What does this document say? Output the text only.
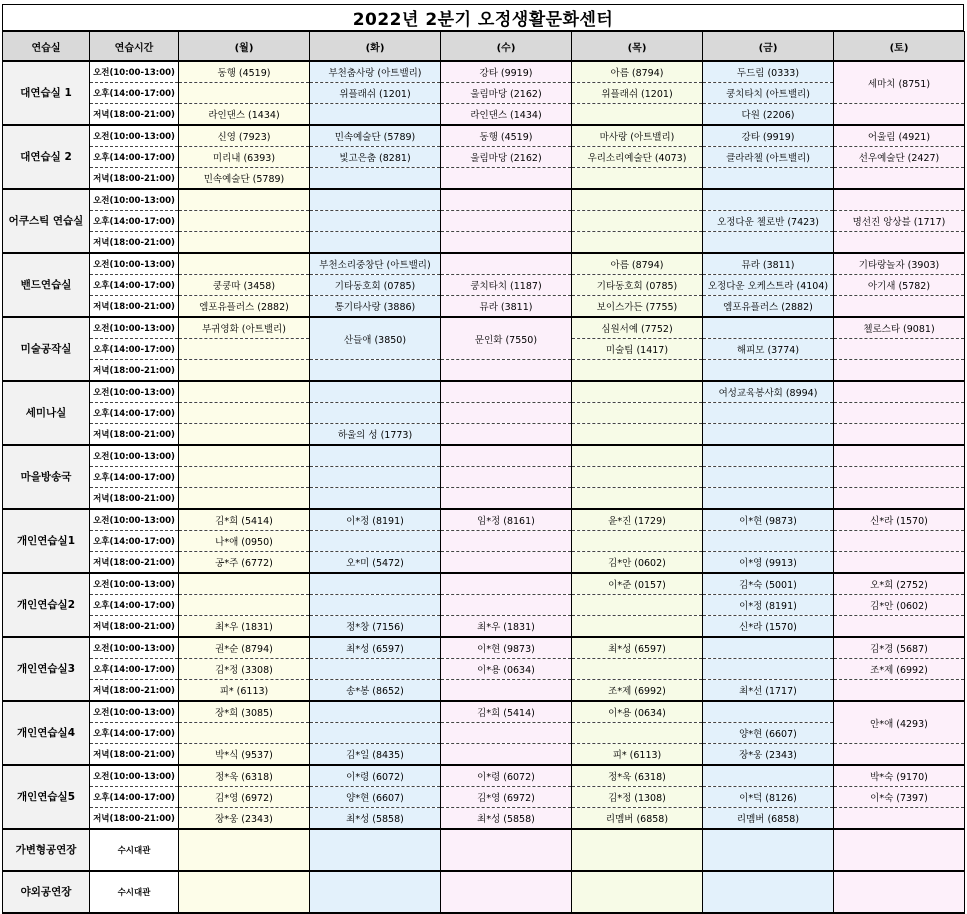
2022년 2분기 오정생활문화센터
연습실	연습시간	(월)	(화)	(수)	(목)	(금)	(토)
대연습실 1	오전(10:00-13:00)	동행 (4519)	부천춤사랑 (아트밸리)	강타 (9919)	아름 (8794)	두드림 (0333)	세마치 (8751)
	오후(14:00-17:00)		위플래쉬 (1201)	울림마당 (2162)	위플래쉬 (1201)	쿵치타치 (아트밸리)	
	저녁(18:00-21:00)	라인댄스 (1434)		라인댄스 (1434)		다원 (2206)	
대연습실 2	오전(10:00-13:00)	신영 (7923)	민속예술단 (5789)	동행 (4519)	마사랑 (아트밸리)	강타 (9919)	어울림 (4921)
	오후(14:00-17:00)	미리내 (6393)	빛고은춤 (8281)	울림마당 (2162)	우리소리예술단 (4073)	클라라첼 (아트밸리)	선우예술단 (2427)
	저녁(18:00-21:00)	민속예술단 (5789)					
어쿠스틱 연습실	오전(10:00-13:00)						
	오후(14:00-17:00)					오정다운 첼로반 (7423)	명선진 앙상블 (1717)
	저녁(18:00-21:00)						
밴드연습실	오전(10:00-13:00)		부천소리중창단 (아트밸리)		아름 (8794)	뮤라 (3811)	기타랑놀자 (3903)
	오후(14:00-17:00)	쿵쿵따 (3458)	기타동호회 (0785)	쿵치타치 (1187)	기타동호회 (0785)	오정다운 오케스트라 (4104)	아기새 (5782)
	저녁(18:00-21:00)	엠포유플러스 (2882)	통기타사랑 (3886)	뮤라 (3811)	보이스가든 (7755)	엠포유플러스 (2882)	
미술공작실	오전(10:00-13:00)	부귀영화 (아트밸리)	산들애 (3850)	문인화 (7550)	심원서예 (7752)		첼로스타 (9081)
	오후(14:00-17:00)				미술팀 (1417)	해피모 (3774)	
	저녁(18:00-21:00)						
세미나실	오전(10:00-13:00)					여성교육봉사회 (8994)	
	오후(14:00-17:00)						
	저녁(18:00-21:00)		하울의 성 (1773)				
마을방송국	오전(10:00-13:00)						
	오후(14:00-17:00)						
	저녁(18:00-21:00)						
개인연습실1	오전(10:00-13:00)	김*희 (5414)	이*정 (8191)	임*정 (8161)	윤*진 (1729)	이*현 (9873)	신*라 (1570)
	오후(14:00-17:00)	나*애 (0950)					
	저녁(18:00-21:00)	공*주 (6772)	오*미 (5472)		김*안 (0602)	이*영 (9913)	
개인연습실2	오전(10:00-13:00)				이*준 (0157)	김*숙 (5001)	오*희 (2752)
	오후(14:00-17:00)					이*정 (8191)	김*안 (0602)
	저녁(18:00-21:00)	최*우 (1831)	정*창 (7156)	최*우 (1831)		신*라 (1570)	
개인연습실3	오전(10:00-13:00)	권*순 (8794)	최*성 (6597)	이*현 (9873)	최*성 (6597)		김*경 (5687)
	오후(14:00-17:00)	김*정 (3308)		이*용 (0634)			조*제 (6992)
	저녁(18:00-21:00)	피* (6113)	송*봉 (8652)		조*제 (6992)	최*선 (1717)	
개인연습실4	오전(10:00-13:00)	장*희 (3085)		김*희 (5414)	이*용 (0634)		안*애 (4293)
	오후(14:00-17:00)					양*현 (6607)	
	저녁(18:00-21:00)	박*식 (9537)	김*일 (8435)		피* (6113)	장*웅 (2343)	
개인연습실5	오전(10:00-13:00)	정*욱 (6318)	이*령 (6072)	이*령 (6072)	정*욱 (6318)		박*숙 (9170)
	오후(14:00-17:00)	김*영 (6972)	양*현 (6607)	김*영 (6972)	김*정 (1308)	이*덕 (8126)	이*숙 (7397)
	저녁(18:00-21:00)	장*웅 (2343)	최*성 (5858)	최*성 (5858)	리멤버 (6858)	리멤버 (6858)	
가변형공연장	수시대관						
야외공연장	수시대관						
